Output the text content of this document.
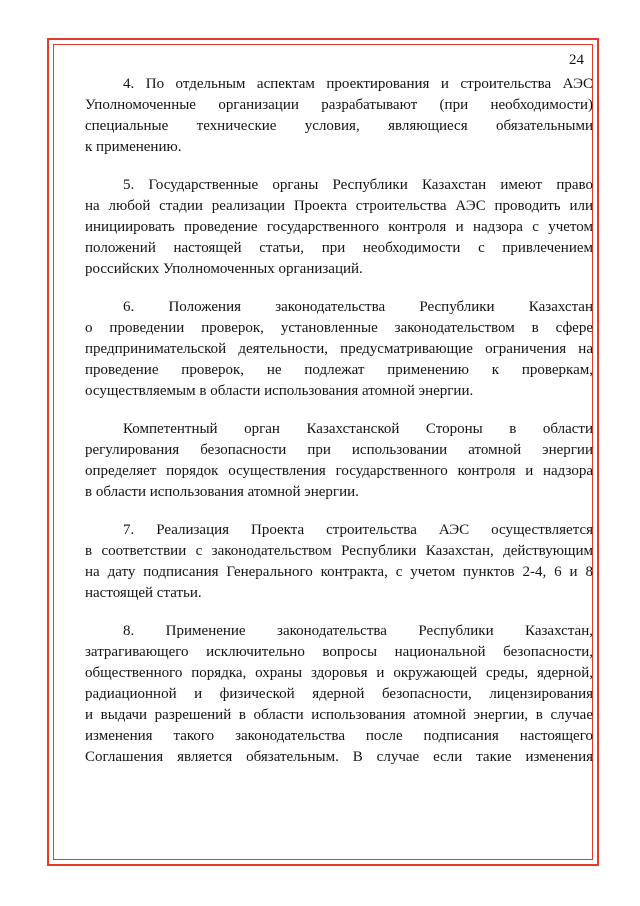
24
4. По отдельным аспектам проектирования и строительства АЭС
Уполномоченные организации разрабатывают (при необходимости)
специальные технические условия, являющиеся обязательными
к применению.
5. Государственные органы Республики Казахстан имеют право
на любой стадии реализации Проекта строительства АЭС проводить или
инициировать проведение государственного контроля и надзора с учетом
положений настоящей статьи, при необходимости с привлечением
российских Уполномоченных организаций.
6. Положения законодательства Республики Казахстан
о проведении проверок, установленные законодательством в сфере
предпринимательской деятельности, предусматривающие ограничения на
проведение проверок, не подлежат применению к проверкам,
осуществляемым в области использования атомной энергии.
Компетентный орган Казахстанской Стороны в области
регулирования безопасности при использовании атомной энергии
определяет порядок осуществления государственного контроля и надзора
в области использования атомной энергии.
7. Реализация Проекта строительства АЭС осуществляется
в соответствии с законодательством Республики Казахстан, действующим
на дату подписания Генерального контракта, с учетом пунктов 2-4, 6 и 8
настоящей статьи.
8. Применение законодательства Республики Казахстан,
затрагивающего исключительно вопросы национальной безопасности,
общественного порядка, охраны здоровья и окружающей среды, ядерной,
радиационной и физической ядерной безопасности, лицензирования
и выдачи разрешений в области использования атомной энергии, в случае
изменения такого законодательства после подписания настоящего
Соглашения является обязательным. В случае если такие изменения
